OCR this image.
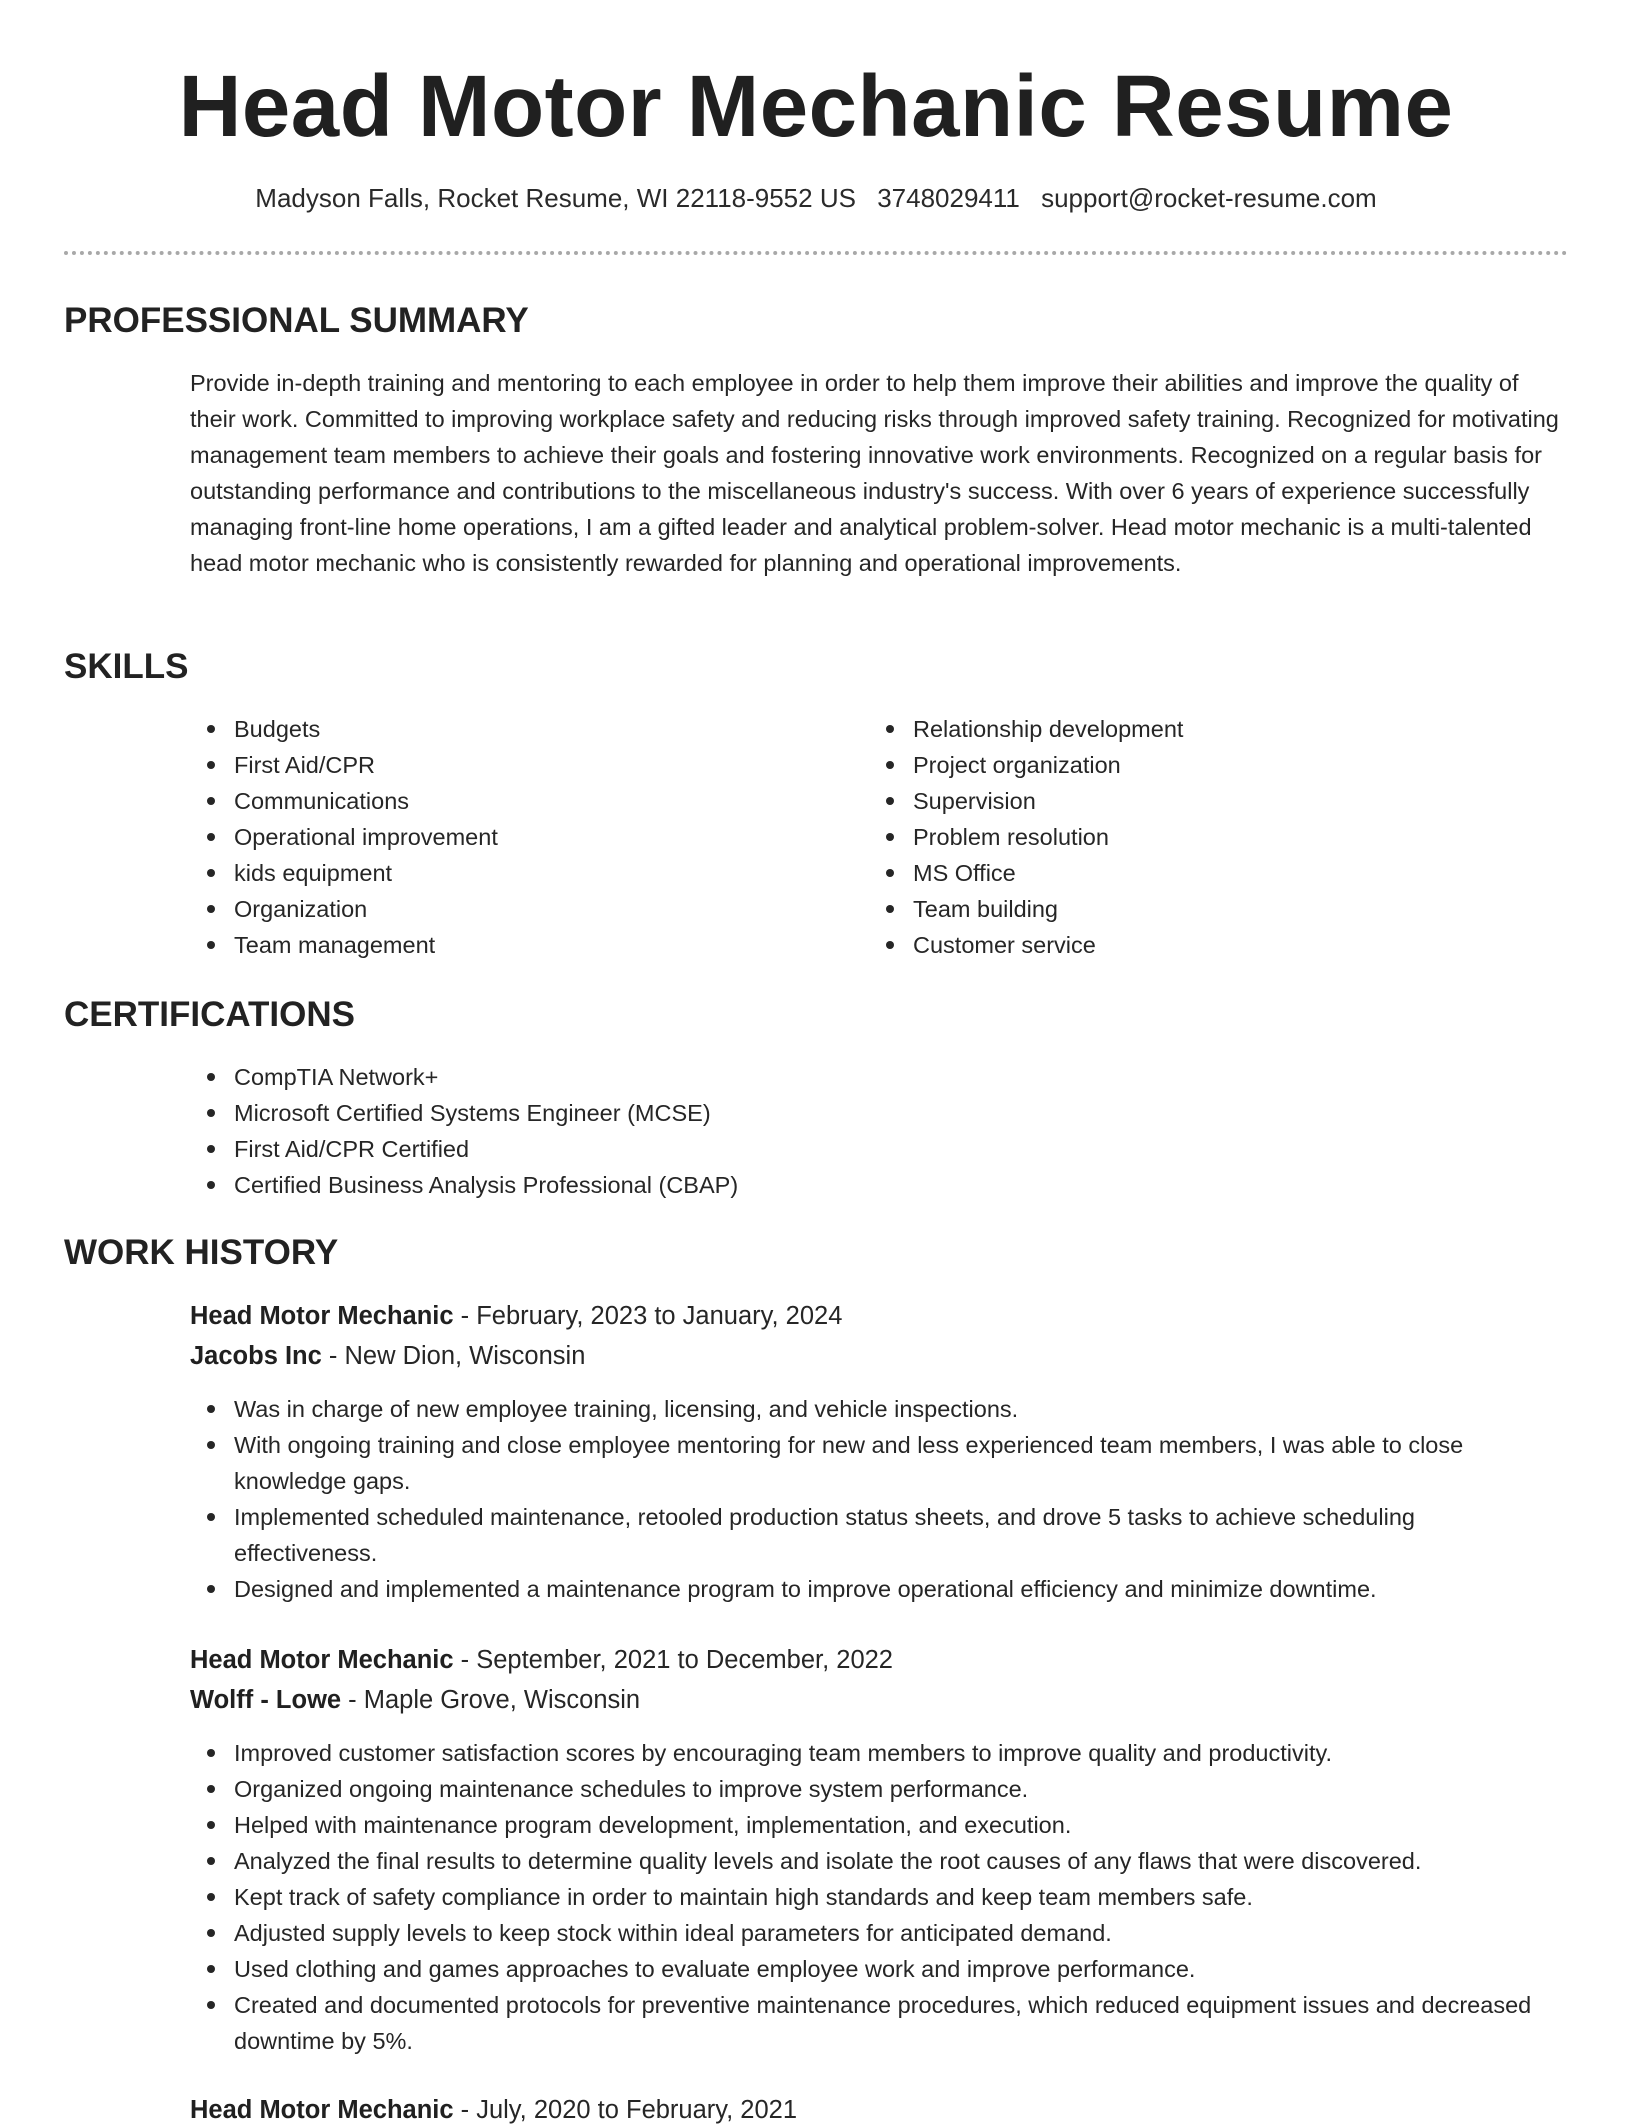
Head Motor Mechanic Resume
Madyson Falls, Rocket Resume, WI 22118-9552 US 3748029411 support@rocket-resume.com
PROFESSIONAL SUMMARY

Provide in-depth training and mentoring to each employee in order to help them improve their abilities and improve the quality of their work. Committed to improving workplace safety and reducing risks through improved safety training. Recognized for motivating management team members to achieve their goals and fostering innovative work environments. Recognized on a regular basis for outstanding performance and contributions to the miscellaneous industry's success. With over 6 years of experience successfully managing front-line home operations, I am a gifted leader and analytical problem-solver. Head motor mechanic is a multi-talented head motor mechanic who is consistently rewarded for planning and operational improvements.

SKILLS
Budgets
First Aid/CPR
Communications
Operational improvement
kids equipment
Organization
Team management
Relationship development
Project organization
Supervision
Problem resolution
MS Office
Team building
Customer service
CERTIFICATIONS
CompTIA Network+
Microsoft Certified Systems Engineer (MCSE)
First Aid/CPR Certified
Certified Business Analysis Professional (CBAP)
WORK HISTORY
Head Motor Mechanic - February, 2023 to January, 2024
Jacobs Inc - New Dion, Wisconsin
Was in charge of new employee training, licensing, and vehicle inspections.
With ongoing training and close employee mentoring for new and less experienced team members, I was able to close knowledge gaps.
Implemented scheduled maintenance, retooled production status sheets, and drove 5 tasks to achieve scheduling effectiveness.
Designed and implemented a maintenance program to improve operational efficiency and minimize downtime.
Head Motor Mechanic - September, 2021 to December, 2022
Wolff - Lowe - Maple Grove, Wisconsin
Improved customer satisfaction scores by encouraging team members to improve quality and productivity.
Organized ongoing maintenance schedules to improve system performance.
Helped with maintenance program development, implementation, and execution.
Analyzed the final results to determine quality levels and isolate the root causes of any flaws that were discovered.
Kept track of safety compliance in order to maintain high standards and keep team members safe.
Adjusted supply levels to keep stock within ideal parameters for anticipated demand.
Used clothing and games approaches to evaluate employee work and improve performance.
Created and documented protocols for preventive maintenance procedures, which reduced equipment issues and decreased downtime by 5%.
Head Motor Mechanic - July, 2020 to February, 2021
